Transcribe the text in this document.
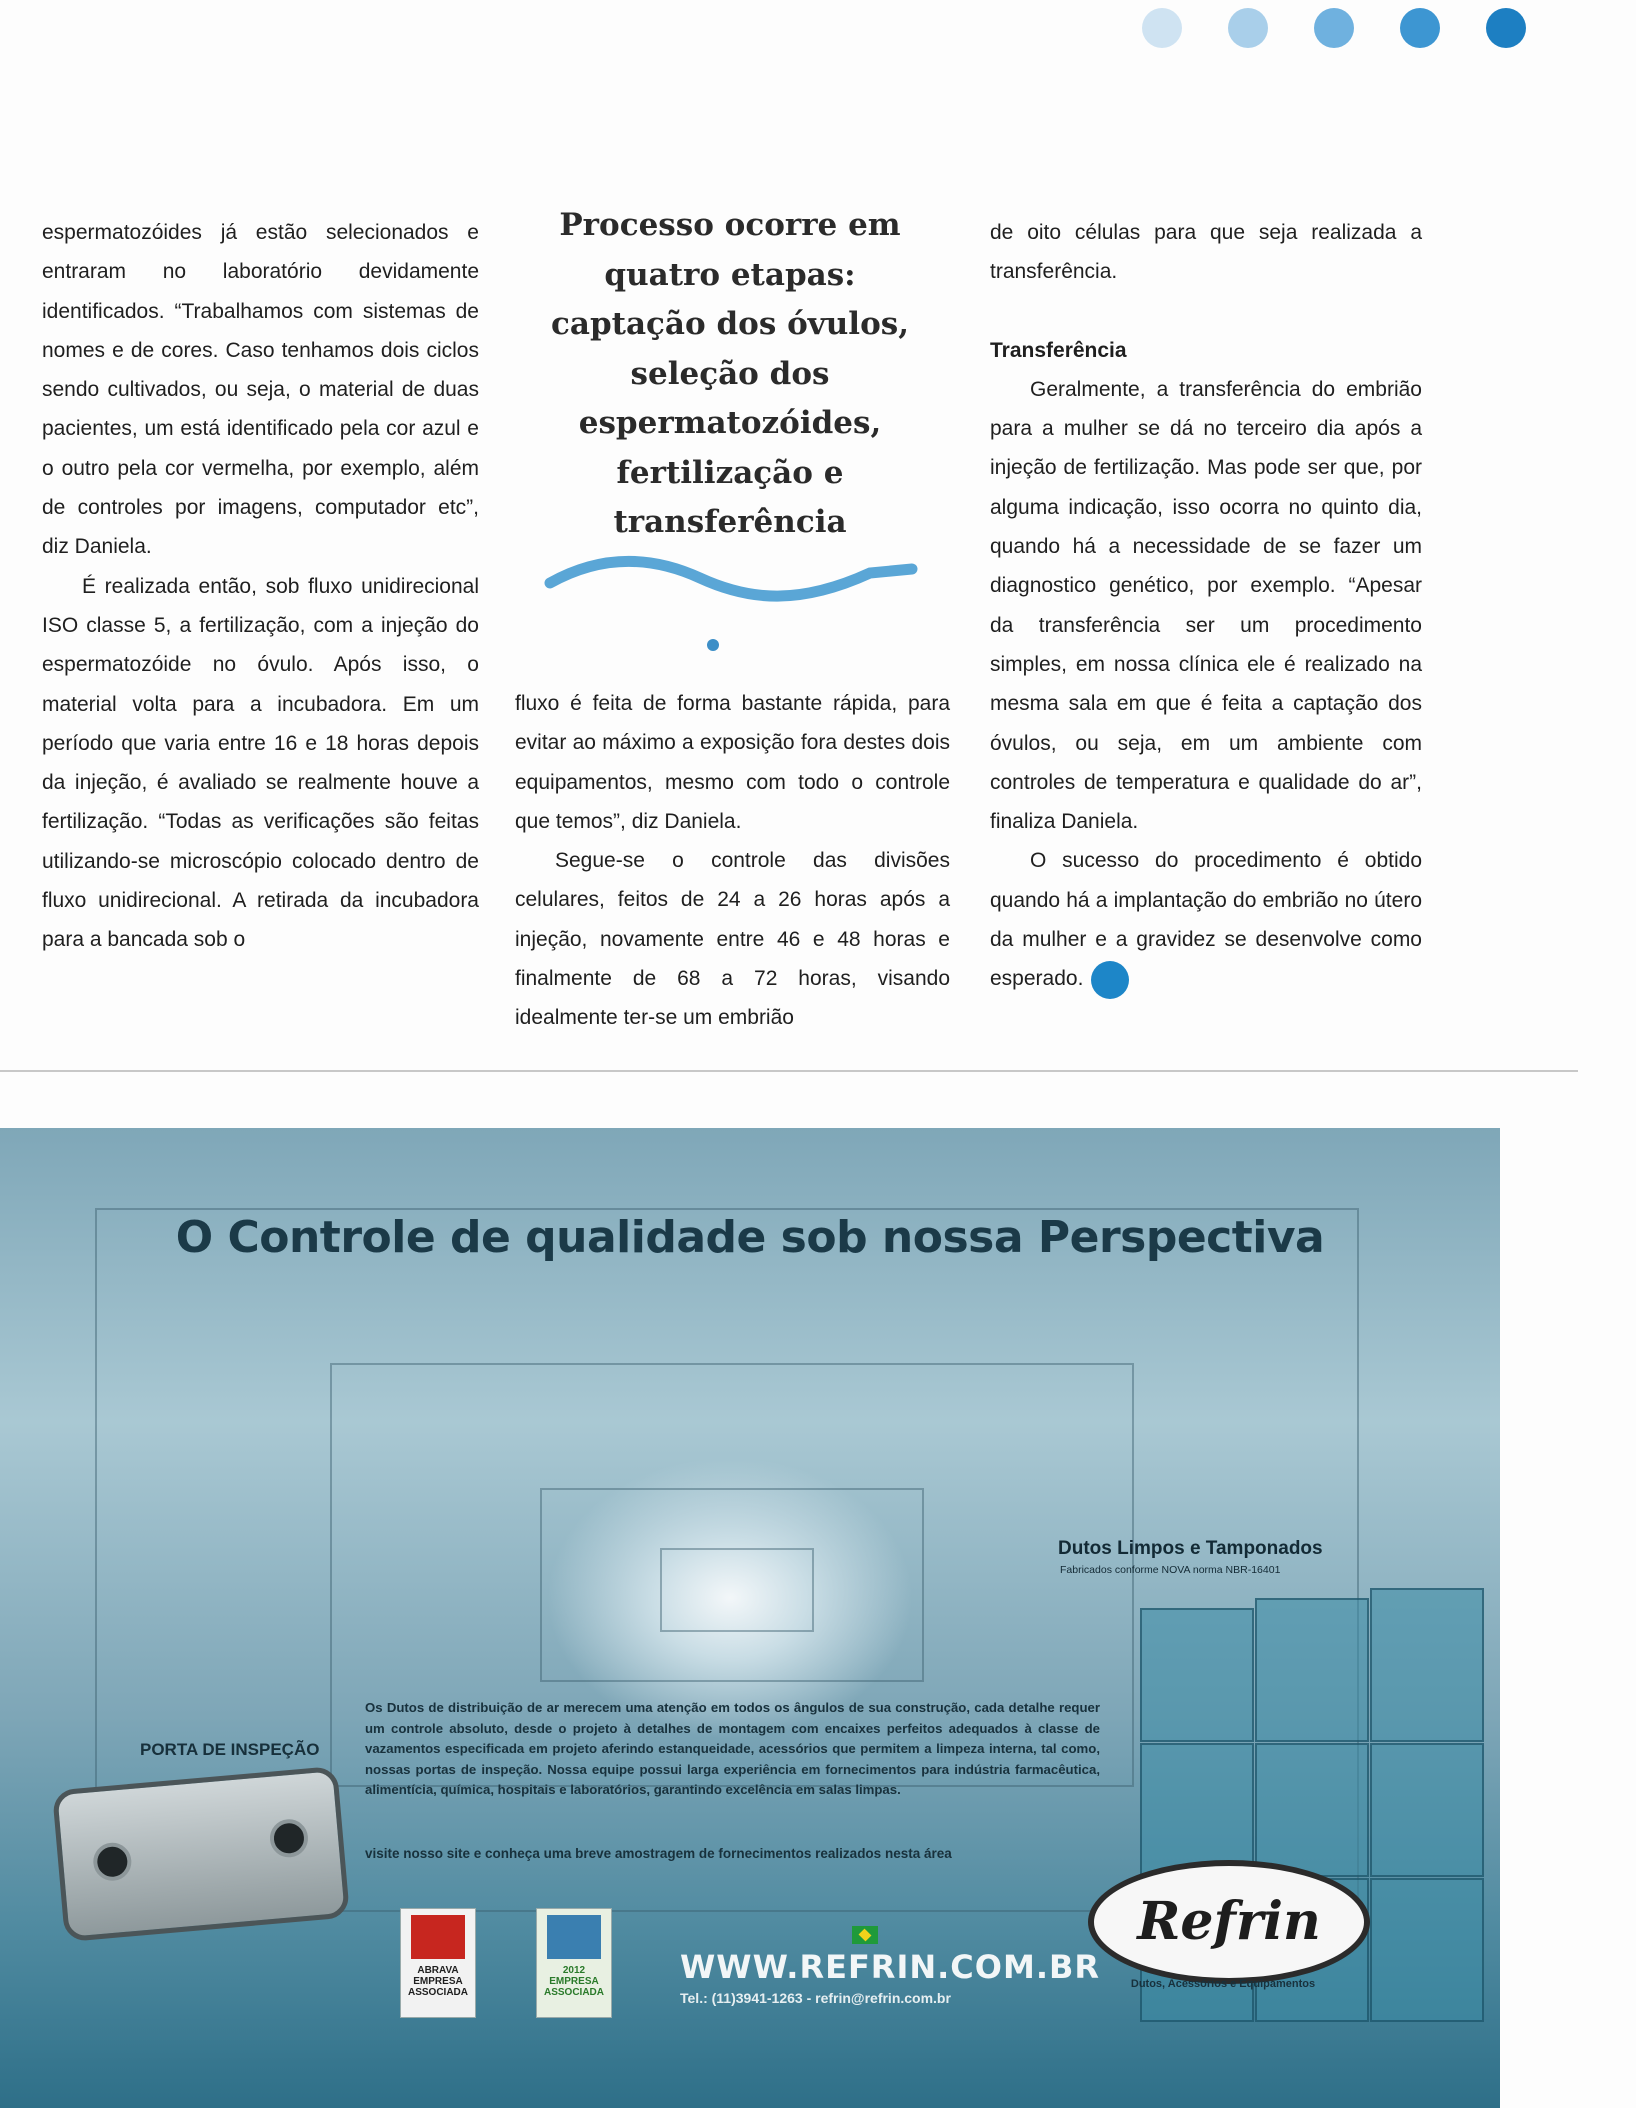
espermatozóides já estão selecionados e entraram no laboratório devidamente identificados. “Trabalhamos com sistemas de nomes e de cores. Caso tenhamos dois ciclos sendo cultivados, ou seja, o material de duas pacientes, um está identificado pela cor azul e o outro pela cor vermelha, por exemplo, além de controles por imagens, computador etc”, diz Daniela.

É realizada então, sob fluxo unidirecional ISO classe 5, a fertilização, com a injeção do espermatozóide no óvulo. Após isso, o material volta para a incubadora. Em um período que varia entre 16 e 18 horas depois da injeção, é avaliado se realmente houve a fertilização. “Todas as verificações são feitas utilizando-se microscópio colocado dentro de fluxo unidirecional. A retirada da incubadora para a bancada sob o

Processo ocorre em quatro etapas: captação dos óvulos, seleção dos espermatozóides, fertilização e transferência

fluxo é feita de forma bastante rápida, para evitar ao máximo a exposição fora destes dois equipamentos, mesmo com todo o controle que temos”, diz Daniela.

Segue-se o controle das divisões celulares, feitos de 24 a 26 horas após a injeção, novamente entre 46 e 48 horas e finalmente de 68 a 72 horas, visando idealmente ter-se um embrião

de oito células para que seja realizada a transferência.

Transferência

Geralmente, a transferência do embrião para a mulher se dá no terceiro dia após a injeção de fertilização. Mas pode ser que, por alguma indicação, isso ocorra no quinto dia, quando há a necessidade de se fazer um diagnostico genético, por exemplo. “Apesar da transferência ser um procedimento simples, em nossa clínica ele é realizado na mesma sala em que é feita a captação dos óvulos, ou seja, em um ambiente com controles de temperatura e qualidade do ar”, finaliza Daniela.

O sucesso do procedimento é obtido quando há a implantação do embrião no útero da mulher e a gravidez se desenvolve como esperado.

O Controle de qualidade sob nossa Perspectiva
Dutos Limpos e Tamponados
Fabricados conforme NOVA norma NBR-16401
PORTA DE INSPEÇÃO
Os Dutos de distribuição de ar merecem uma atenção em todos os ângulos de sua construção, cada detalhe requer um controle absoluto, desde o projeto à detalhes de montagem com encaixes perfeitos adequados à classe de vazamentos especificada em projeto aferindo estanqueidade, acessórios que permitem a limpeza interna, tal como, nossas portas de inspeção. Nossa equipe possui larga experiência em fornecimentos para indústria farmacêutica, alimentícia, química, hospitais e laboratórios, garantindo excelência em salas limpas.
visite nosso site e conheça uma breve amostragem de fornecimentos realizados nesta área
ABRAVA EMPRESA ASSOCIADA
2012 EMPRESA ASSOCIADA
WWW.REFRIN.COM.BR
Tel.: (11)3941-1263 - refrin@refrin.com.br
Refrin
Dutos, Acessórios e Equipamentos
